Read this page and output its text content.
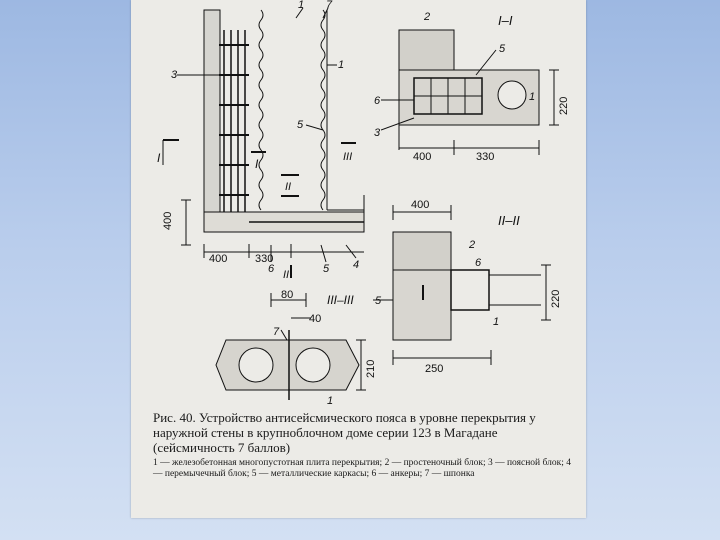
1 7
3
1
5
6	5 4
I	I
II
II
III
400	330
400
I–I
2
5
6
3
1
400	330
220
II–II
400
2
6
5
1
250
220
III–III
80
40
7
1
210

Рис. 40. Устройство антисейсмического пояса в уровне перекрытия у наружной стены в крупноблочном доме серии 123 в Магадане (сейсмичность 7 баллов)

1 — железобетонная многопустотная плита перекрытия; 2 — простеночный блок; 3 — поясной блок; 4 — перемычечный блок; 5 — металлические каркасы; 6 — анкеры; 7 — шпонка
